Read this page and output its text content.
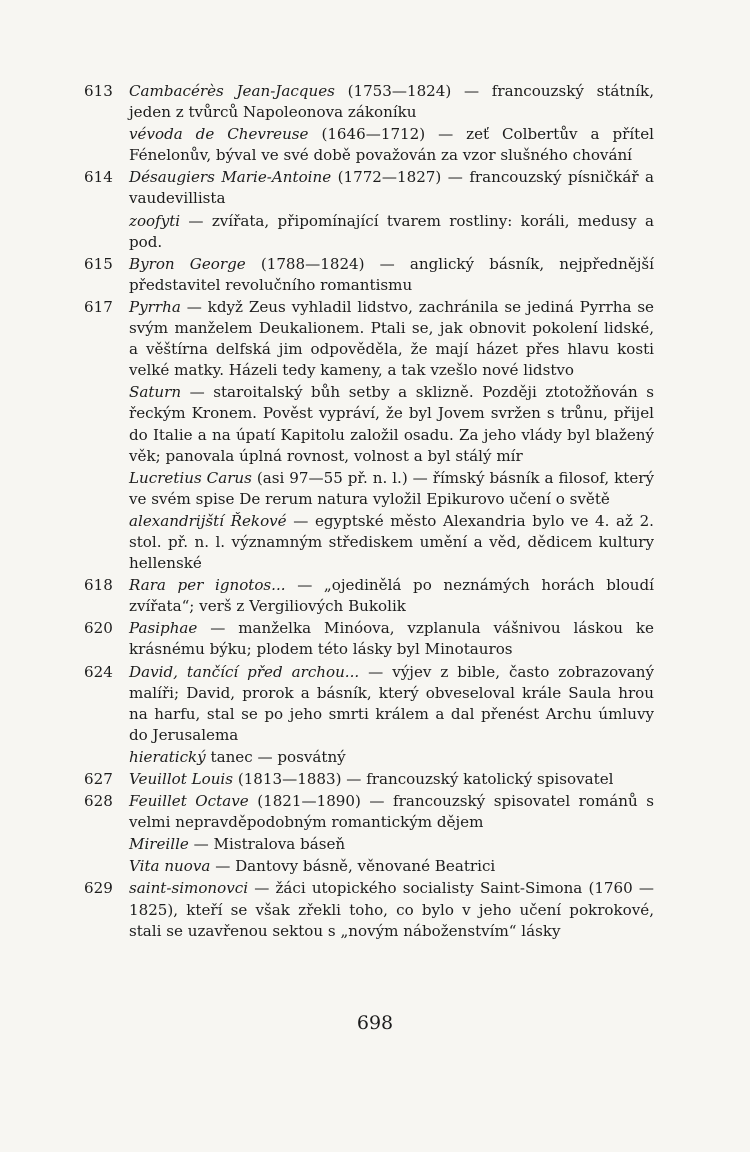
613	Cambacérès Jean-Jacques (1753—1824) — francouzský státník, jeden z tvůrců Napoleonova zákoníku
vévoda de Chevreuse (1646—1712) — zeť Colbertův a přítel Fénelonův, býval ve své době považován za vzor slušného chování
614	Désaugiers Marie-Antoine (1772—1827) — francouzský písničkář a vaudevillista
zoofyti — zvířata, připomínající tvarem rostliny: koráli, medusy a pod.
615	Byron George (1788—1824) — anglický básník, nejpřednější představitel revolučního romantismu
617	Pyrrha — když Zeus vyhladil lidstvo, zachránila se jediná Pyrrha se svým manželem Deukalionem. Ptali se, jak obnovit pokolení lidské, a věštírna delfská jim odpověděla, že mají házet přes hlavu kosti velké matky. Házeli tedy kameny, a tak vzešlo nové lidstvo
Saturn — staroitalský bůh setby a sklizně. Později ztotožňován s řeckým Kronem. Pověst vypráví, že byl Jovem svržen s trůnu, přijel do Italie a na úpatí Kapitolu založil osadu. Za jeho vlády byl blažený věk; panovala úplná rovnost, volnost a byl stálý mír
Lucretius Carus (asi 97—55 př. n. l.) — římský básník a filosof, který ve svém spise De rerum natura vyložil Epikurovo učení o světě
alexandrijští Řekové — egyptské město Alexandria bylo ve 4. až 2. stol. př. n. l. významným střediskem umění a věd, dědicem kultury hellenské
618	Rara per ignotos... — „ojedinělá po neznámých horách bloudí zvířata“; verš z Vergiliových Bukolik
620	Pasiphae — manželka Minóova, vzplanula vášnivou láskou ke krásnému býku; plodem této lásky byl Minotauros
624	David, tančící před archou... — výjev z bible, často zobrazovaný malíři; David, prorok a básník, který obveseloval krále Saula hrou na harfu, stal se po jeho smrti králem a dal přenést Archu úmluvy do Jerusalema
hieratický tanec — posvátný
627	Veuillot Louis (1813—1883) — francouzský katolický spisovatel
628	Feuillet Octave (1821—1890) — francouzský spisovatel románů s velmi nepravděpodobným romantickým dějem
Mireille — Mistralova báseň
Vita nuova — Dantovy básně, věnované Beatrici
629	saint-simonovci — žáci utopického socialisty Saint-Simona (1760 — 1825), kteří se však zřekli toho, co bylo v jeho učení pokrokové, stali se uzavřenou sektou s „novým náboženstvím“ lásky
698
